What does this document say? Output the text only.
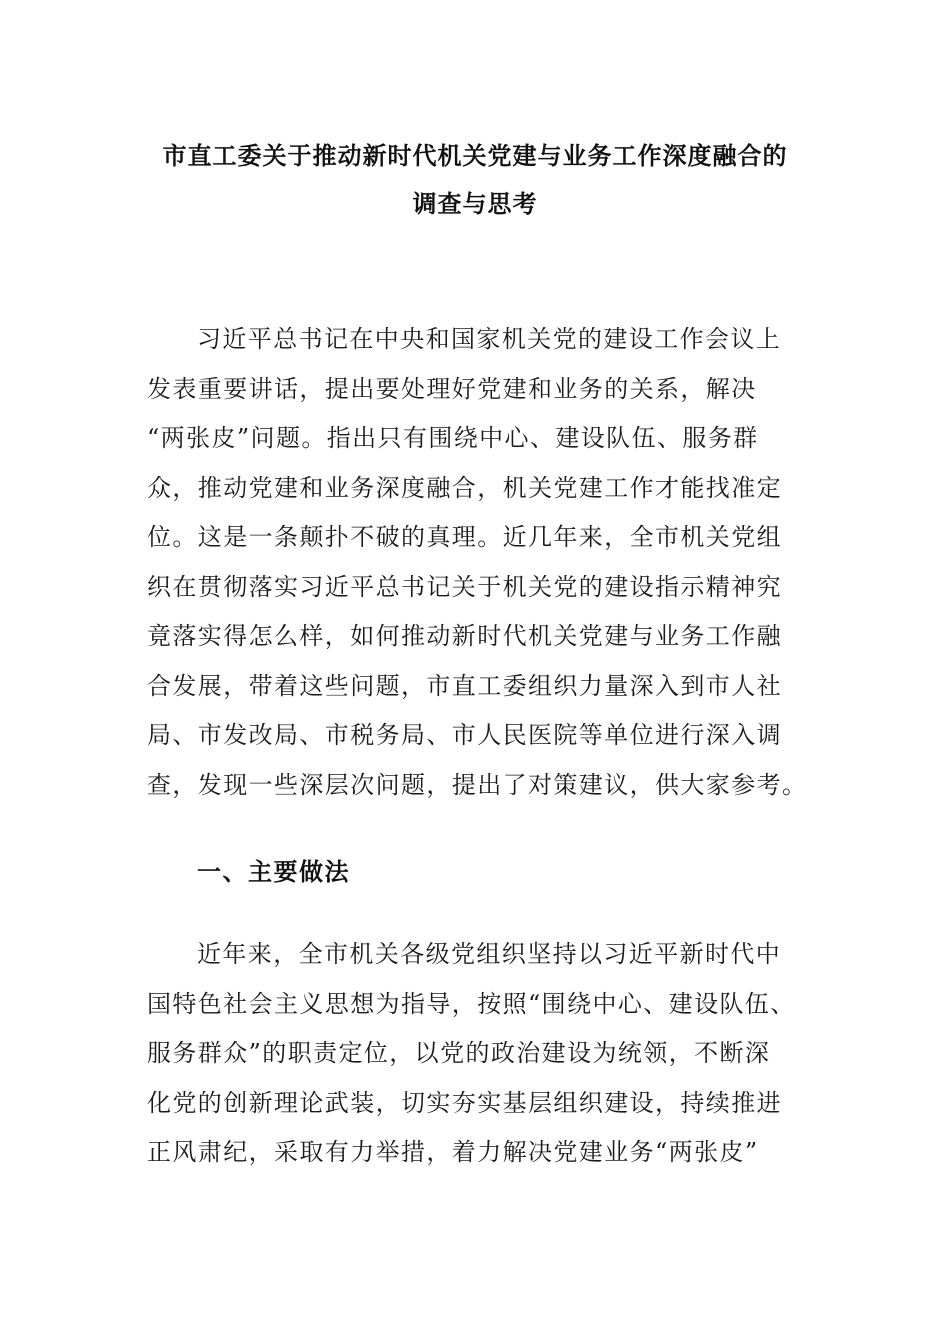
市直工委关于推动新时代机关党建与业务工作深度融合的
调查与思考
习近平总书记在中央和国家机关党的建设工作会议上
发表重要讲话，提出要处理好党建和业务的关系，解决
“两张皮”问题。指出只有围绕中心、建设队伍、服务群
众，推动党建和业务深度融合，机关党建工作才能找准定
位。这是一条颠扑不破的真理。近几年来，全市机关党组
织在贯彻落实习近平总书记关于机关党的建设指示精神究
竟落实得怎么样，如何推动新时代机关党建与业务工作融
合发展，带着这些问题，市直工委组织力量深入到市人社
局、市发改局、市税务局、市人民医院等单位进行深入调
查，发现一些深层次问题，提出了对策建议，供大家参考。
一、主要做法
近年来，全市机关各级党组织坚持以习近平新时代中
国特色社会主义思想为指导，按照“围绕中心、建设队伍、
服务群众”的职责定位，以党的政治建设为统领，不断深
化党的创新理论武装，切实夯实基层组织建设，持续推进
正风肃纪，采取有力举措，着力解决党建业务“两张皮”
